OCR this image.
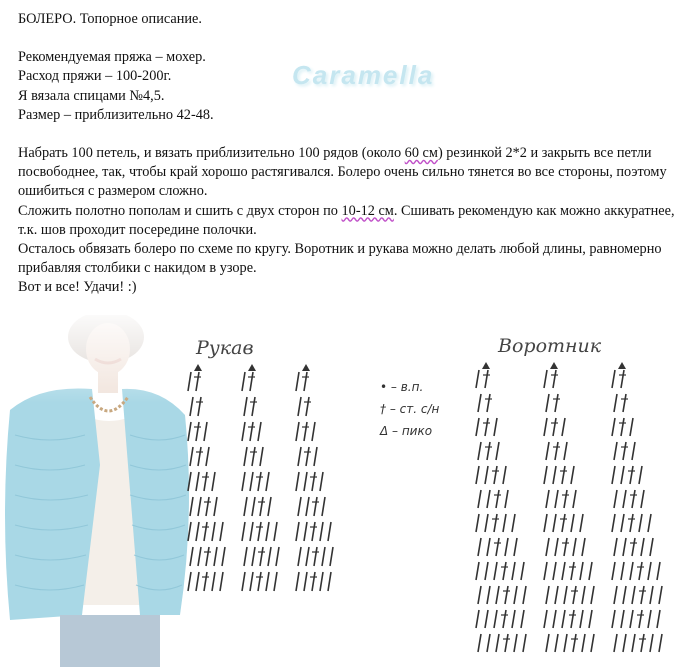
БОЛЕРО. Топорное описание.

Рекомендуемая пряжа – мохер.

Расход пряжи – 100-200г.

Я вязала спицами №4,5.

Размер – приблизительно 42-48.

Набрать 100 петель, и вязать приблизительно 100 рядов (около 60 см) резинкой 2*2 и закрыть все петли посвободнее, так, чтобы край хорошо растягивался. Болеро очень сильно тянется во все стороны, поэтому ошибиться с размером сложно.

Сложить полотно пополам и сшить с двух сторон по 10-12 см. Сшивать рекомендую как можно аккуратнее, т.к. шов проходит посередине полочки.

Осталось обвязать болеро по схеме по кругу. Воротник и рукава можно делать любой длины, равномерно прибавляя столбики с накидом в узоре.

Вот и все! Удачи! :)

Caramella
Рукав	Воротник
• – в.п.
† – ст. с/н
Δ – пико
